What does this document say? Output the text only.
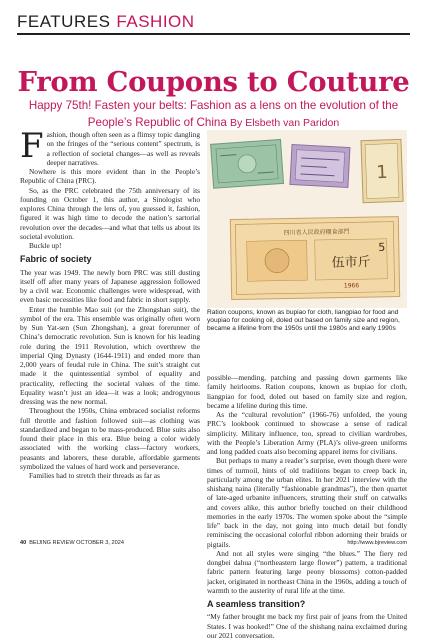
FEATURES FASHION
From Coupons to Couture
Happy 75th! Fasten your belts: Fashion as a lens on the evolution of the People’s Republic of China By Elsbeth van Paridon

Fashion, though often seen as a flimsy topic dangling on the fringes of the “serious content” spectrum, is a reflection of societal changes—as well as reveals deeper narratives.

Nowhere is this more evident than in the People’s Republic of China (PRC).

So, as the PRC celebrated the 75th anniversary of its founding on October 1, this author, a Sinologist who explores China through the lens of, you guessed it, fashion, figured it was high time to decode the nation’s sartorial revolution over the decades—and what that tells us about its societal evolution.

Buckle up!

Fabric of society

The year was 1949. The newly born PRC was still dusting itself off after many years of Japanese aggression followed by a civil war. Economic challenges were widespread, with even basic necessities like food and fabric in short supply.

Enter the humble Mao suit (or the Zhongshan suit), the symbol of the era. This ensemble was originally often worn by Sun Yat-sen (Sun Zhongshan), a great forerunner of China’s democratic revolution. Sun is known for his leading role during the 1911 Revolution, which overthrew the imperial Qing Dynasty (1644-1911) and ended more than 2,000 years of feudal rule in China. The suit’s straight cut made it the quintessential symbol of equality and practicality, reflecting the societal values of the time. Equality wasn’t just an idea—it was a look; androgynous dressing was the new normal.

Throughout the 1950s, China embraced socialist reforms full throttle and fashion followed suit—as clothing was standardized and began to be mass-produced. Blue suits also found their place in this era. Blue being a color widely associated with the working class—factory workers, peasants and laborers, these durable, affordable garments symbolized the values of hard work and perseverance.

Families had to stretch their threads as far as

1
四川省人民政府糧食部門
伍市斤
5
1966
Ration coupons, known as bupiao for cloth, liangpiao for food and youpiao for cooking oil, doled out based on family size and region, became a lifeline from the 1950s until the 1980s and early 1990s

possible—mending, patching and passing down garments like family heirlooms. Ration coupons, known as bupiao for cloth, liangpiao for food, doled out based on family size and region, became a lifeline during this time.

As the “cultural revolution” (1966-76) unfolded, the young PRC’s lookbook continued to showcase a sense of radical simplicity. Military influence, too, spread to civilian wardrobes, with the People’s Liberation Army (PLA)’s olive-green uniforms and long padded coats also becoming apparel items for civilians.

But perhaps to many a reader’s surprise, even though there were times of turmoil, hints of old traditions began to creep back in, particularly among the urban elites. In her 2021 interview with the shishang naina (literally “fashionable grandmas”), the then quartet of late-aged urbanite influencers, strutting their stuff on catwalks and covers alike, this author briefly touched on their childhood memories in the early 1970s. The women spoke about the “simple life” back in the day, not going into much detail but fondly reminiscing the occasional colorful ribbon adorning their braids or pigtails.

And not all styles were singing “the blues.” The fiery red dongbei dahua (“northeastern large flower”) pattern, a traditional fabric pattern featuring large peony blossoms) cotton-padded jacket, originated in northeast China in the 1960s, adding a touch of warmth to the austerity of rural life at the time.

A seamless transition?

“My father brought me back my first pair of jeans from the United States. I was hooked!” One of the shishang naina exclaimed during our 2021 conversation.

40 BEIJING REVIEW OCTOBER 3, 2024	http://www.bjreview.com
